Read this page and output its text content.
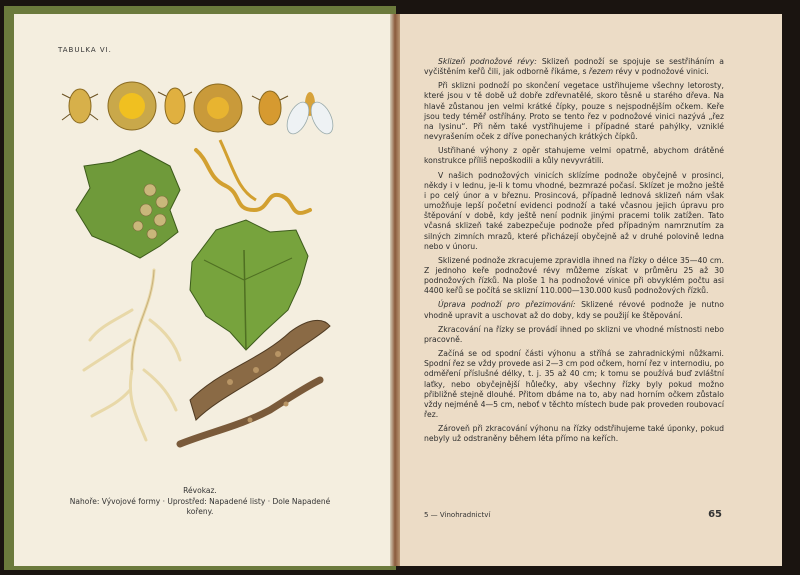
TABULKA VI.
Révokaz.
Nahoře: Vývojové formy · Uprostřed: Napadené listy · Dole Napadené
kořeny.

Sklizeň podnožové révy: Sklizeň podnoží se spojuje se sestřiháním a vyčištěním keřů čili, jak odborně říkáme, s řezem révy v podnožové vinici.

Při sklizni podnoží po skončení vegetace ustřihujeme všechny letorosty, které jsou v tě době už dobře zdřevnatělé, skoro těsně u starého dřeva. Na hlavě zůstanou jen velmi krátké čípky, pouze s nejspodnějším očkem. Keře jsou tedy téměř ostříhány. Proto se tento řez v podnožové vinici nazývá „řez na lysinu“. Při něm také vystřihujeme i případné staré pahýlky, vzniklé nevyrašením oček z dříve ponechaných krátkých čípků.

Ustřihané výhony z opěr stahujeme velmi opatrně, abychom drátěné konstrukce příliš nepoškodili a kůly nevyvrátili.

V našich podnožových vinicích sklízíme podnože obyčejně v prosinci, někdy i v lednu, je-li k tomu vhodné, bezmrazé počasí. Sklízet je možno ještě i po celý únor a v březnu. Prosincová, případně lednová sklizeň nám však umožňuje lepší početní evidenci podnoží a také včasnou jejich úpravu pro štěpování v době, kdy ještě není podnik jinými pracemi tolik zatížen. Tato včasná sklizeň také zabezpečuje podnože před případným namrznutím za silných zimních mrazů, které přicházejí obyčejně až v druhé polovině ledna nebo v únoru.

Sklizené podnože zkracujeme zpravidla ihned na řízky o délce 35—40 cm. Z jednoho keře podnožové révy můžeme získat v průměru 25 až 30 podnožových řízků. Na ploše 1 ha podnožové vinice při obvyklém počtu asi 4400 keřů se počítá se sklizní 110.000—130.000 kusů podnožových řízků.

Úprava podnoží pro přezimování: Sklizené révové podnože je nutno vhodně upravit a uschovat až do doby, kdy se použijí ke štěpování.

Zkracování na řízky se provádí ihned po sklizni ve vhodné místnosti nebo pracovně.

Začíná se od spodní části výhonu a stříhá se zahradnickými nůžkami. Spodní řez se vždy provede asi 2—3 cm pod očkem, horní řez v internodiu, po odměření příslušné délky, t. j. 35 až 40 cm; k tomu se používá buď zvláštní laťky, nebo obyčejnější hůlečky, aby všechny řízky byly pokud možno přibližně stejně dlouhé. Přitom dbáme na to, aby nad horním očkem zůstalo vždy nejméně 4—5 cm, neboť v těchto místech bude pak proveden roubovací řez.

Zároveň při zkracování výhonu na řízky odstřihujeme také úponky, pokud nebyly už odstraněny během léta přímo na keřích.

5 — Vinohradnictví	65
